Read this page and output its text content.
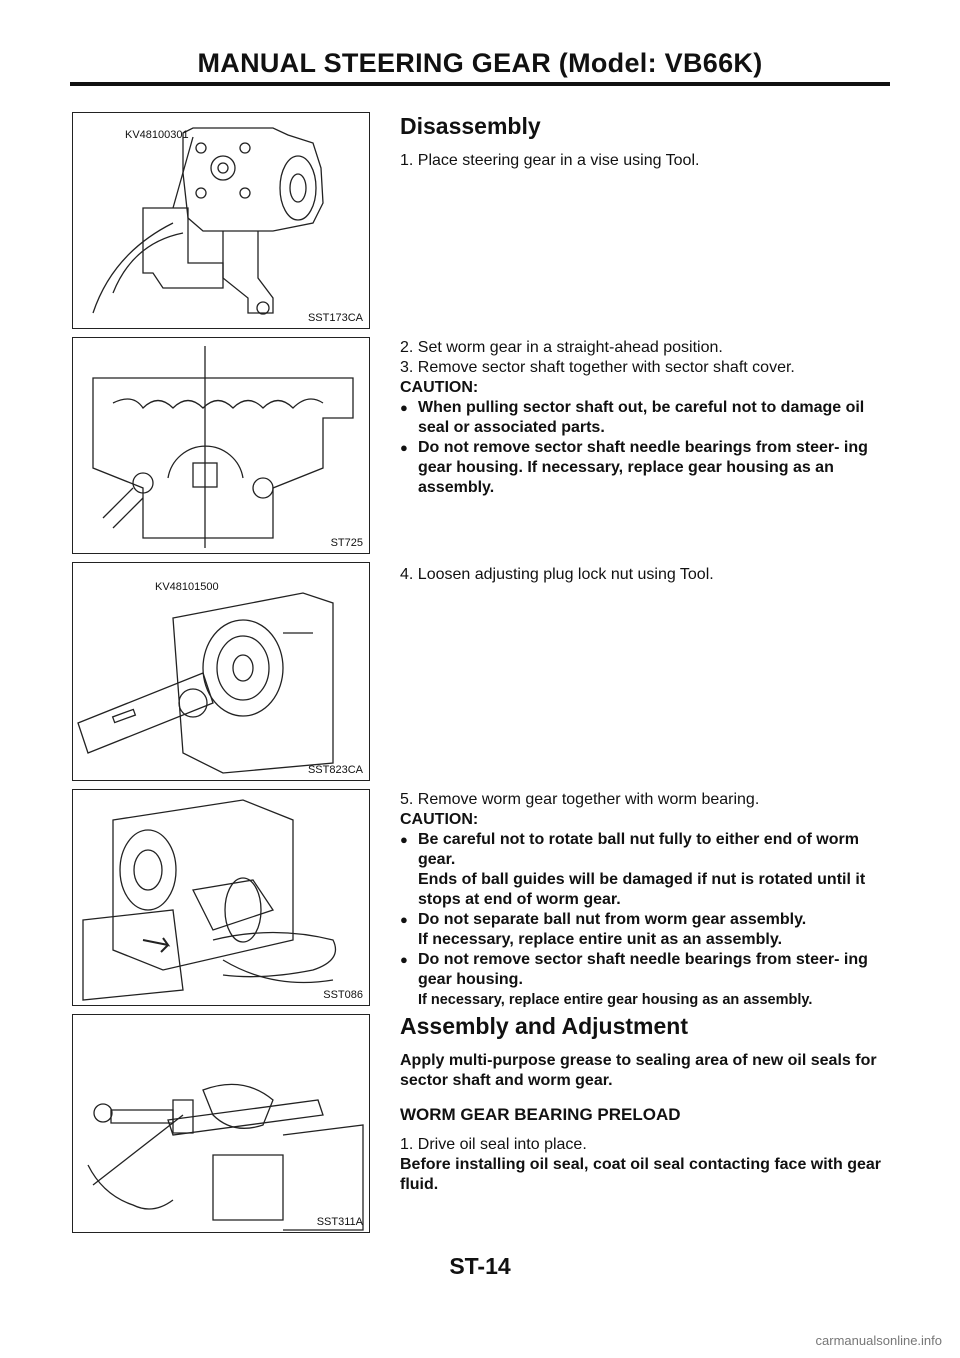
MANUAL STEERING GEAR (Model: VB66K)
KV48100301
SST173CA
ST725
KV48101500
SST823CA
SST086
SST311A
Disassembly

1. Place steering gear in a vise using Tool.

2. Set worm gear in a straight-ahead position.

3. Remove sector shaft together with sector shaft cover.

CAUTION:

● When pulling sector shaft out, be careful not to damage oil seal or associated parts.
● Do not remove sector shaft needle bearings from steer- ing gear housing. If necessary, replace gear housing as an assembly.

4. Loosen adjusting plug lock nut using Tool.

5. Remove worm gear together with worm bearing.

CAUTION:

● Be careful not to rotate ball nut fully to either end of worm gear.

Ends of ball guides will be damaged if nut is rotated until it stops at end of worm gear.

● Do not separate ball nut from worm gear assembly.

If necessary, replace entire unit as an assembly.

● Do not remove sector shaft needle bearings from steer- ing gear housing.

If necessary, replace entire gear housing as an assembly.

Assembly and Adjustment

Apply multi-purpose grease to sealing area of new oil seals for sector shaft and worm gear.

WORM GEAR BEARING PRELOAD

1. Drive oil seal into place.

Before installing oil seal, coat oil seal contacting face with gear fluid.

ST-14
carmanualsonline.info
